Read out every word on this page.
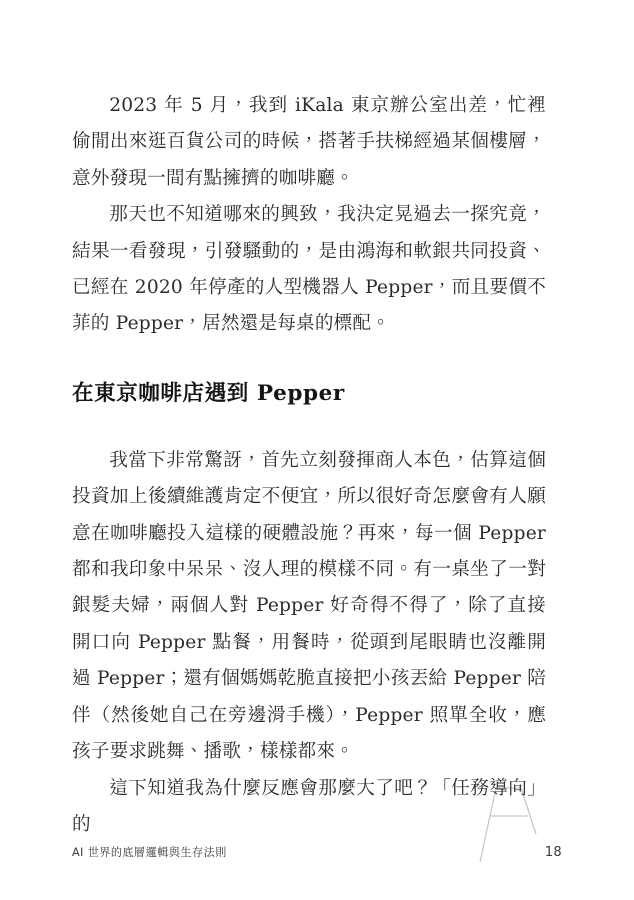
2023 年 5 月，我到 iKala 東京辦公室出差，忙裡偷閒出來逛百貨公司的時候，搭著手扶梯經過某個樓層，意外發現一間有點擁擠的咖啡廳。

那天也不知道哪來的興致，我決定晃過去一探究竟，結果一看發現，引發騷動的，是由鴻海和軟銀共同投資、已經在 2020 年停產的人型機器人 Pepper，而且要價不菲的 Pepper，居然還是每桌的標配。

在東京咖啡店遇到 Pepper

我當下非常驚訝，首先立刻發揮商人本色，估算這個投資加上後續維護肯定不便宜，所以很好奇怎麼會有人願意在咖啡廳投入這樣的硬體設施？再來，每一個 Pepper 都和我印象中呆呆、沒人理的模樣不同。有一桌坐了一對銀髮夫婦，兩個人對 Pepper 好奇得不得了，除了直接開口向 Pepper 點餐，用餐時，從頭到尾眼睛也沒離開過 Pepper；還有個媽媽乾脆直接把小孩丟給 Pepper 陪伴（然後她自己在旁邊滑手機），Pepper 照單全收，應孩子要求跳舞、播歌，樣樣都來。

這下知道我為什麼反應會那麼大了吧？「任務導向」的

AI 世界的底層邏輯與生存法則	18
